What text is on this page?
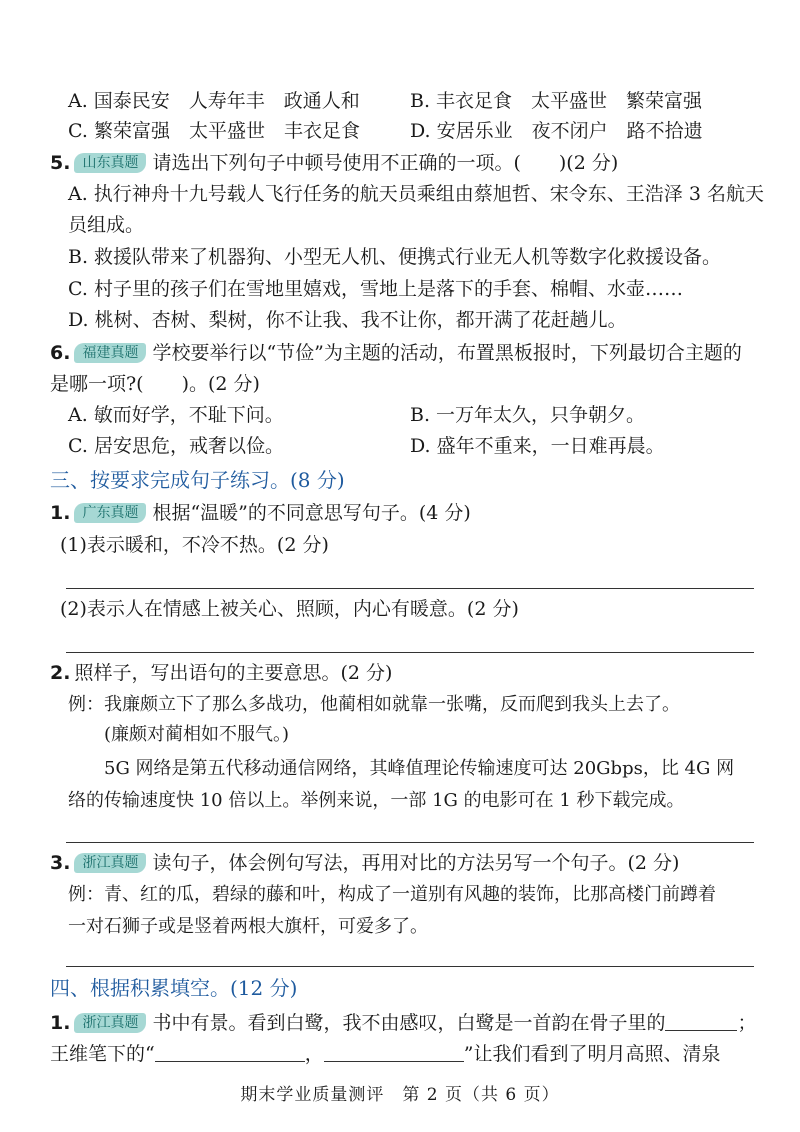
A. 国泰民安　人寿年丰　政通人和	B. 丰衣足食　太平盛世　繁荣富强
C. 繁荣富强　太平盛世　丰衣足食	D. 安居乐业　夜不闭户　路不拾遗
5. 山东真题 请选出下列句子中顿号使用不正确的一项。(　　)(2 分)
A. 执行神舟十九号载人飞行任务的航天员乘组由蔡旭哲、宋令东、王浩泽 3 名航天
员组成。
B. 救援队带来了机器狗、小型无人机、便携式行业无人机等数字化救援设备。
C. 村子里的孩子们在雪地里嬉戏，雪地上是落下的手套、棉帽、水壶……
D. 桃树、杏树、梨树，你不让我、我不让你，都开满了花赶趟儿。
6. 福建真题 学校要举行以“节俭”为主题的活动，布置黑板报时，下列最切合主题的
是哪一项?(　　)。(2 分)
A. 敏而好学，不耻下问。	B. 一万年太久，只争朝夕。
C. 居安思危，戒奢以俭。	D. 盛年不重来，一日难再晨。
三、按要求完成句子练习。(8 分)
1. 广东真题 根据“温暖”的不同意思写句子。(4 分)
(1)表示暖和，不冷不热。(2 分)
(2)表示人在情感上被关心、照顾，内心有暖意。(2 分)
2. 照样子，写出语句的主要意思。(2 分)
例：我廉颇立下了那么多战功，他蔺相如就靠一张嘴，反而爬到我头上去了。
(廉颇对蔺相如不服气。)
5G 网络是第五代移动通信网络，其峰值理论传输速度可达 20Gbps，比 4G 网
络的传输速度快 10 倍以上。举例来说，一部 1G 的电影可在 1 秒下载完成。
3. 浙江真题 读句子，体会例句写法，再用对比的方法另写一个句子。(2 分)
例：青、红的瓜，碧绿的藤和叶，构成了一道别有风趣的装饰，比那高楼门前蹲着
一对石狮子或是竖着两根大旗杆，可爱多了。
四、根据积累填空。(12 分)
1. 浙江真题 书中有景。看到白鹭，我不由感叹，白鹭是一首韵在骨子里的	；
王维笔下的“	，	”让我们看到了明月高照、清泉
期末学业质量测评　第 2 页（共 6 页）
